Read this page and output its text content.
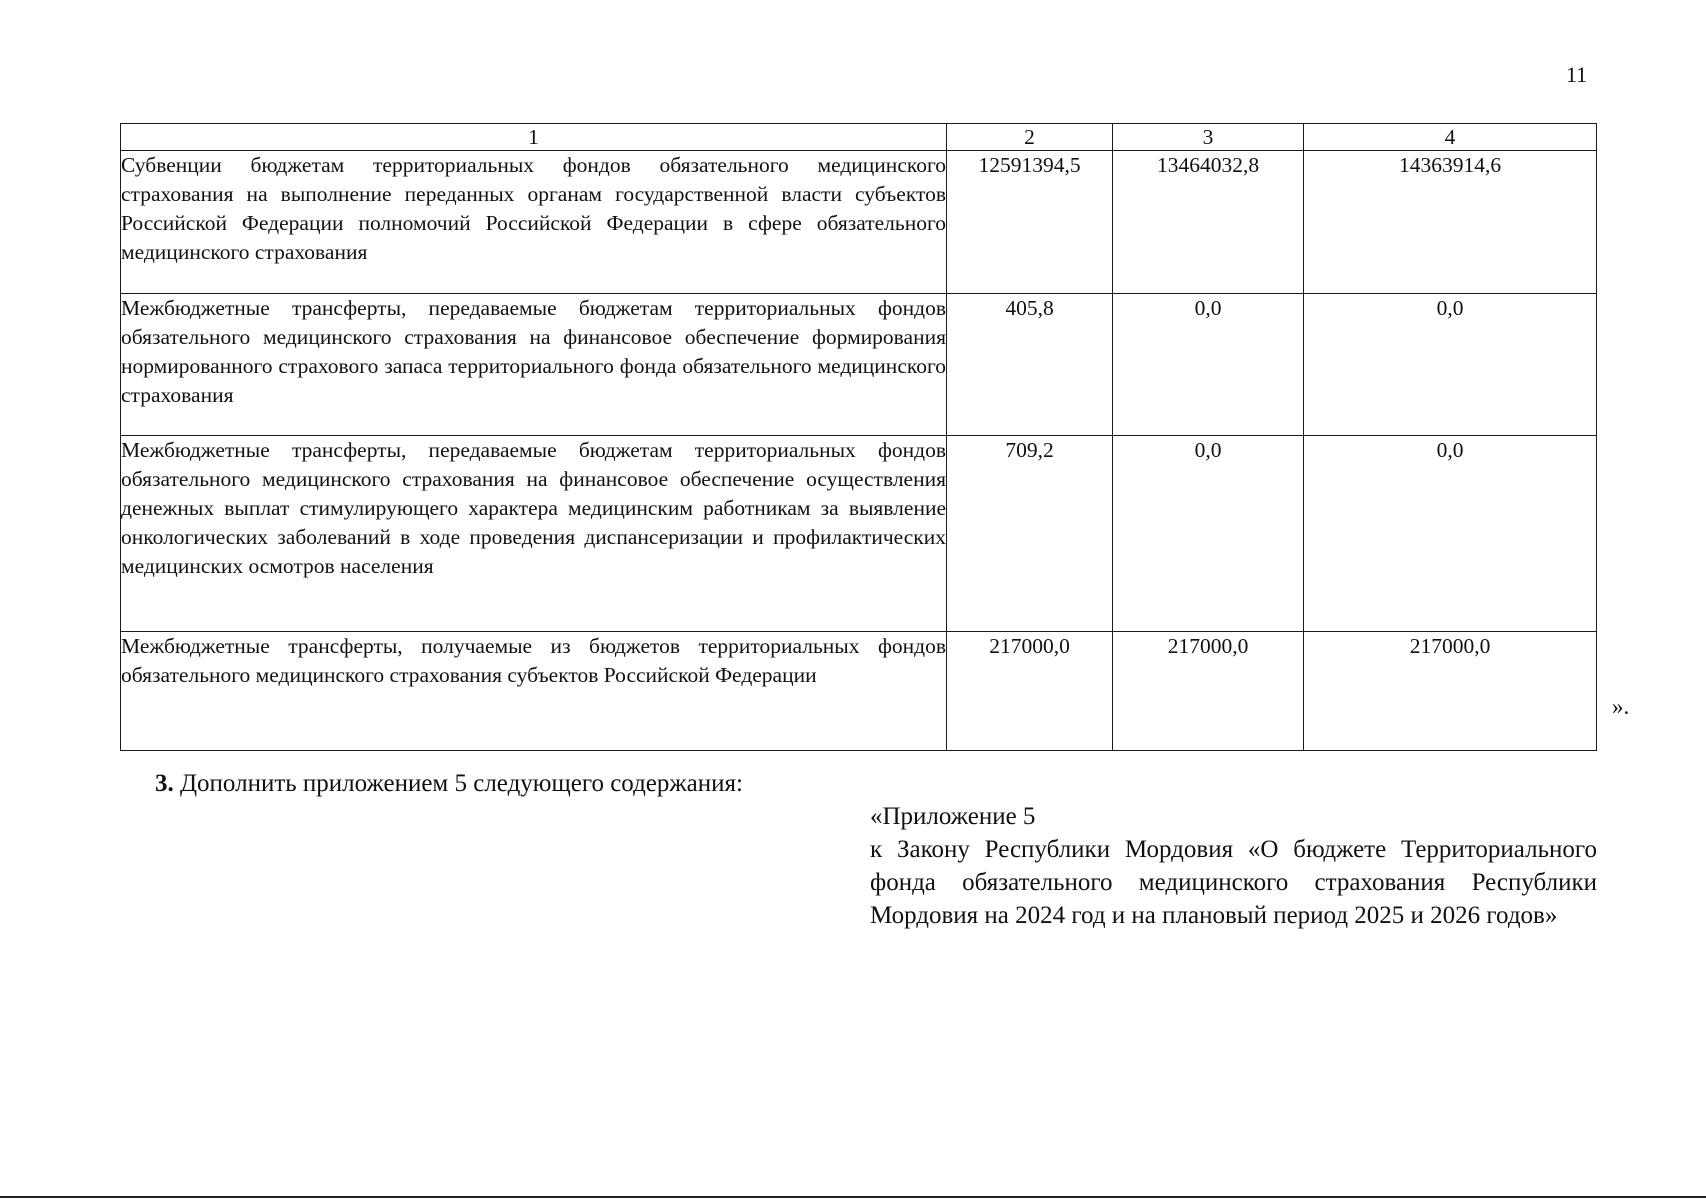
11
1	2	3	4
Субвенции бюджетам территориальных фондов обязательного медицинского страхования на выполнение переданных органам государственной власти субъектов Российской Федерации полномочий Российской Федерации в сфере обязательного медицинского страхования	12591394,5	13464032,8	14363914,6
Межбюджетные трансферты, передаваемые бюджетам территориальных фондов обязательного медицинского страхования на финансовое обеспечение формирования нормированного страхового запаса территориального фонда обязательного медицинского страхования	405,8	0,0	0,0
Межбюджетные трансферты, передаваемые бюджетам территориальных фондов обязательного медицинского страхования на финансовое обеспечение осуществления денежных выплат стимулирующего характера медицинским работникам за выявление онкологических заболеваний в ходе проведения диспансеризации и профилактических медицинских осмотров населения	709,2	0,0	0,0
Межбюджетные трансферты, получаемые из бюджетов территориальных фондов обязательного медицинского страхования субъектов Российской Федерации	217000,0	217000,0	217000,0
».
3. Дополнить приложением 5 следующего содержания:

«Приложение 5

к Закону Республики Мордовия «О бюджете Территориального фонда обязательного медицинского страхования Республики Мордовия на 2024 год и на плановый период 2025 и 2026 годов»
